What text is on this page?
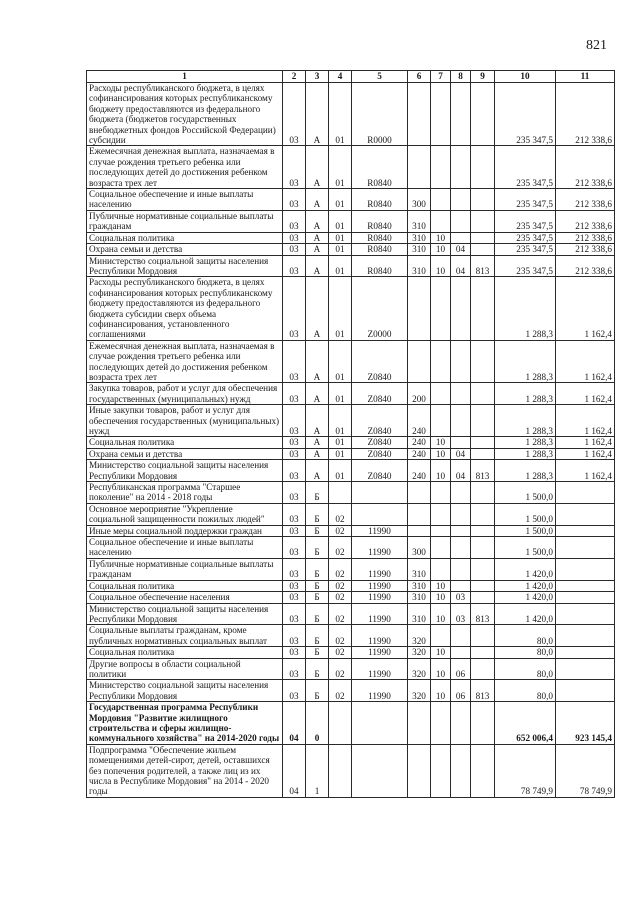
821
1	2	3	4	5	6	7	8	9	10	11
Расходы республиканского бюджета, в целях софинансирования которых республиканскому бюджету предоставляются из федерального бюджета (бюджетов государственных внебюджетных фондов Российской Федерации) субсидии	03	А	01	R0000					235 347,5	212 338,6
Ежемесячная денежная выплата, назначаемая в случае рождения третьего ребенка или последующих детей до достижения ребенком возраста трех лет	03	А	01	R0840					235 347,5	212 338,6
Социальное обеспечение и иные выплаты населению	03	А	01	R0840	300				235 347,5	212 338,6
Публичные нормативные социальные выплаты гражданам	03	А	01	R0840	310				235 347,5	212 338,6
Социальная политика	03	А	01	R0840	310	10			235 347,5	212 338,6
Охрана семьи и детства	03	А	01	R0840	310	10	04		235 347,5	212 338,6
Министерство социальной защиты населения Республики Мордовия	03	А	01	R0840	310	10	04	813	235 347,5	212 338,6
Расходы республиканского бюджета, в целях софинансирования которых республиканскому бюджету предоставляются из федерального бюджета субсидии сверх объема софинансирования, установленного соглашениями	03	А	01	Z0000					1 288,3	1 162,4
Ежемесячная денежная выплата, назначаемая в случае рождения третьего ребенка или последующих детей до достижения ребенком возраста трех лет	03	А	01	Z0840					1 288,3	1 162,4
Закупка товаров, работ и услуг для обеспечения государственных (муниципальных) нужд	03	А	01	Z0840	200				1 288,3	1 162,4
Иные закупки товаров, работ и услуг для обеспечения государственных (муниципальных) нужд	03	А	01	Z0840	240				1 288,3	1 162,4
Социальная политика	03	А	01	Z0840	240	10			1 288,3	1 162,4
Охрана семьи и детства	03	А	01	Z0840	240	10	04		1 288,3	1 162,4
Министерство социальной защиты населения Республики Мордовия	03	А	01	Z0840	240	10	04	813	1 288,3	1 162,4
Республиканская программа "Старшее поколение" на 2014 - 2018 годы	03	Б							1 500,0	
Основное мероприятие "Укрепление социальной защищенности пожилых людей"	03	Б	02						1 500,0	
Иные меры социальной поддержки граждан	03	Б	02	11990					1 500,0	
Социальное обеспечение и иные выплаты населению	03	Б	02	11990	300				1 500,0	
Публичные нормативные социальные выплаты гражданам	03	Б	02	11990	310				1 420,0	
Социальная политика	03	Б	02	11990	310	10			1 420,0	
Социальное обеспечение населения	03	Б	02	11990	310	10	03		1 420,0	
Министерство социальной защиты населения Республики Мордовия	03	Б	02	11990	310	10	03	813	1 420,0	
Социальные выплаты гражданам, кроме публичных нормативных социальных выплат	03	Б	02	11990	320				80,0	
Социальная политика	03	Б	02	11990	320	10			80,0	
Другие вопросы в области социальной политики	03	Б	02	11990	320	10	06		80,0	
Министерство социальной защиты населения Республики Мордовия	03	Б	02	11990	320	10	06	813	80,0	
Государственная программа Республики Мордовия "Развитие жилищного строительства и сферы жилищно-коммунального хозяйства" на 2014-2020 годы	04	0							652 006,4	923 145,4
Подпрограмма "Обеспечение жильем помещениями детей-сирот, детей, оставшихся без попечения родителей, а также лиц из их числа в Республике Мордовия" на 2014 - 2020 годы	04	1							78 749,9	78 749,9
